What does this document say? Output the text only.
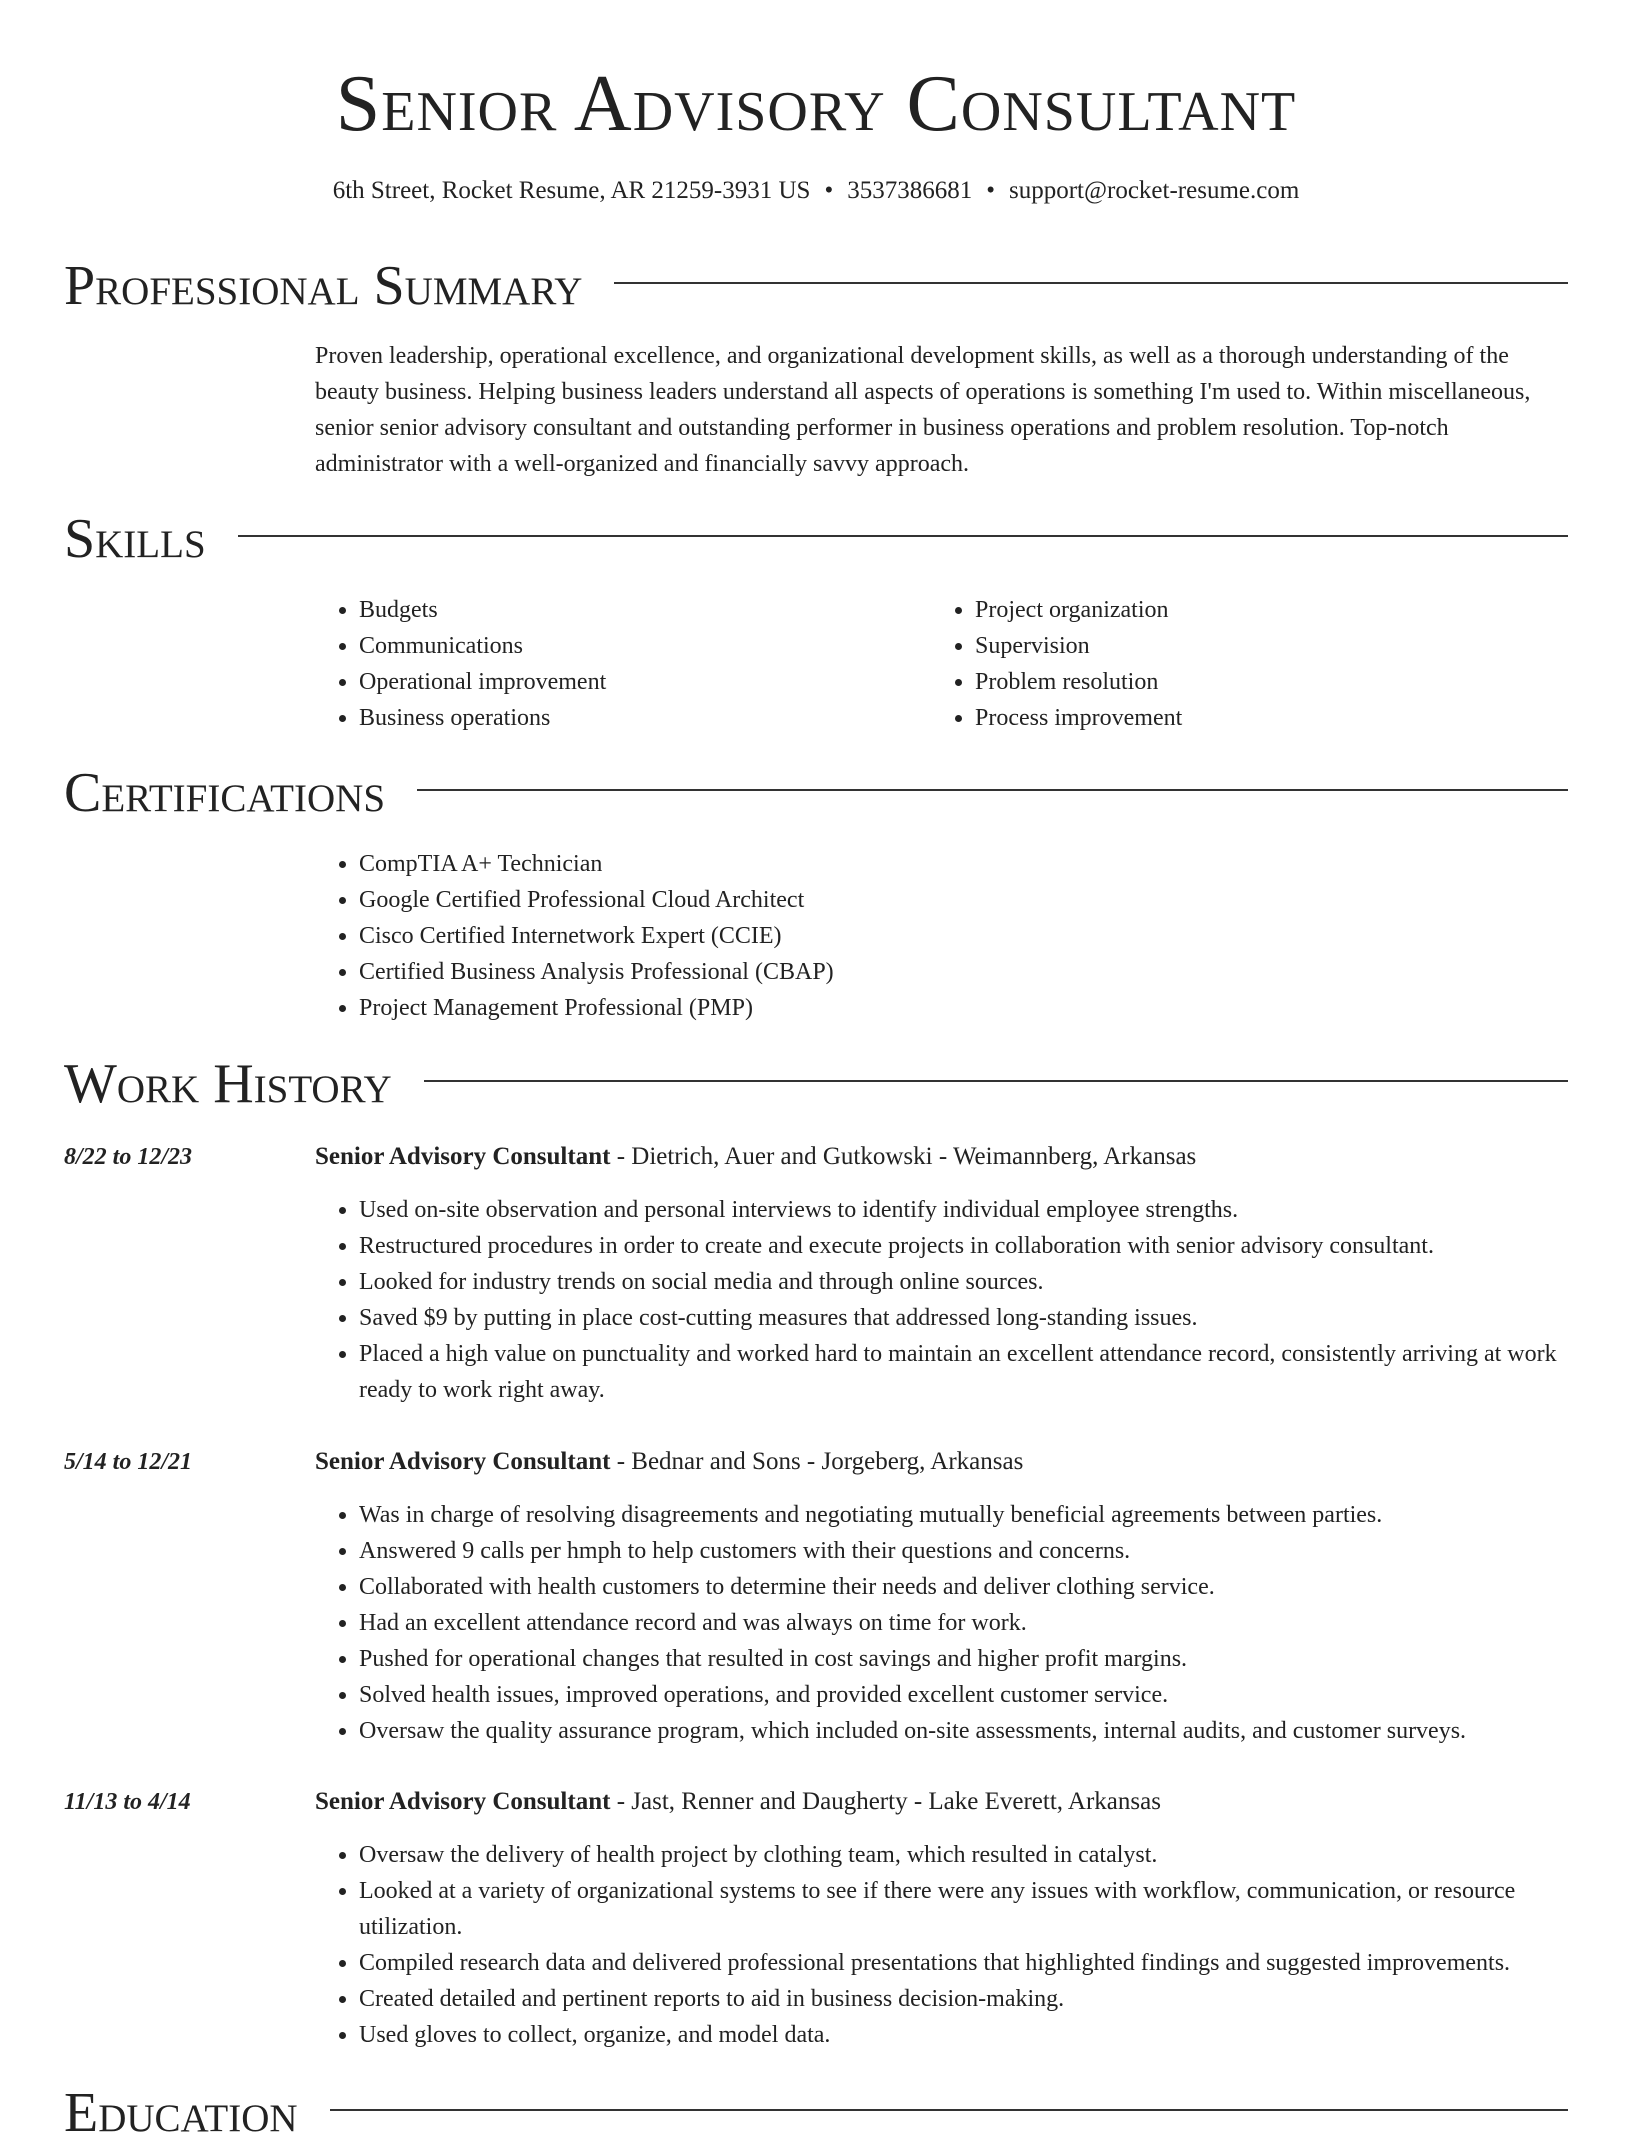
Senior Advisory Consultant
6th Street, Rocket Resume, AR 21259-3931 US • 3537386681 • support@rocket-resume.com
Professional Summary

Proven leadership, operational excellence, and organizational development skills, as well as a thorough understanding of the beauty business. Helping business leaders understand all aspects of operations is something I'm used to. Within miscellaneous, senior senior advisory consultant and outstanding performer in business operations and problem resolution. Top-notch administrator with a well-organized and financially savvy approach.

Skills
• Budgets
• Communications
• Operational improvement
• Business operations
• Project organization
• Supervision
• Problem resolution
• Process improvement
Certifications
• CompTIA A+ Technician
• Google Certified Professional Cloud Architect
• Cisco Certified Internetwork Expert (CCIE)
• Certified Business Analysis Professional (CBAP)
• Project Management Professional (PMP)
Work History
8/22 to 12/23	Senior Advisory Consultant - Dietrich, Auer and Gutkowski - Weimannberg, Arkansas
• Used on-site observation and personal interviews to identify individual employee strengths.
• Restructured procedures in order to create and execute projects in collaboration with senior advisory consultant.
• Looked for industry trends on social media and through online sources.
• Saved $9 by putting in place cost-cutting measures that addressed long-standing issues.
• Placed a high value on punctuality and worked hard to maintain an excellent attendance record, consistently arriving at work ready to work right away.
5/14 to 12/21	Senior Advisory Consultant - Bednar and Sons - Jorgeberg, Arkansas
• Was in charge of resolving disagreements and negotiating mutually beneficial agreements between parties.
• Answered 9 calls per hmph to help customers with their questions and concerns.
• Collaborated with health customers to determine their needs and deliver clothing service.
• Had an excellent attendance record and was always on time for work.
• Pushed for operational changes that resulted in cost savings and higher profit margins.
• Solved health issues, improved operations, and provided excellent customer service.
• Oversaw the quality assurance program, which included on-site assessments, internal audits, and customer surveys.
11/13 to 4/14	Senior Advisory Consultant - Jast, Renner and Daugherty - Lake Everett, Arkansas
• Oversaw the delivery of health project by clothing team, which resulted in catalyst.
• Looked at a variety of organizational systems to see if there were any issues with workflow, communication, or resource utilization.
• Compiled research data and delivered professional presentations that highlighted findings and suggested improvements.
• Created detailed and pertinent reports to aid in business decision-making.
• Used gloves to collect, organize, and model data.
Education
